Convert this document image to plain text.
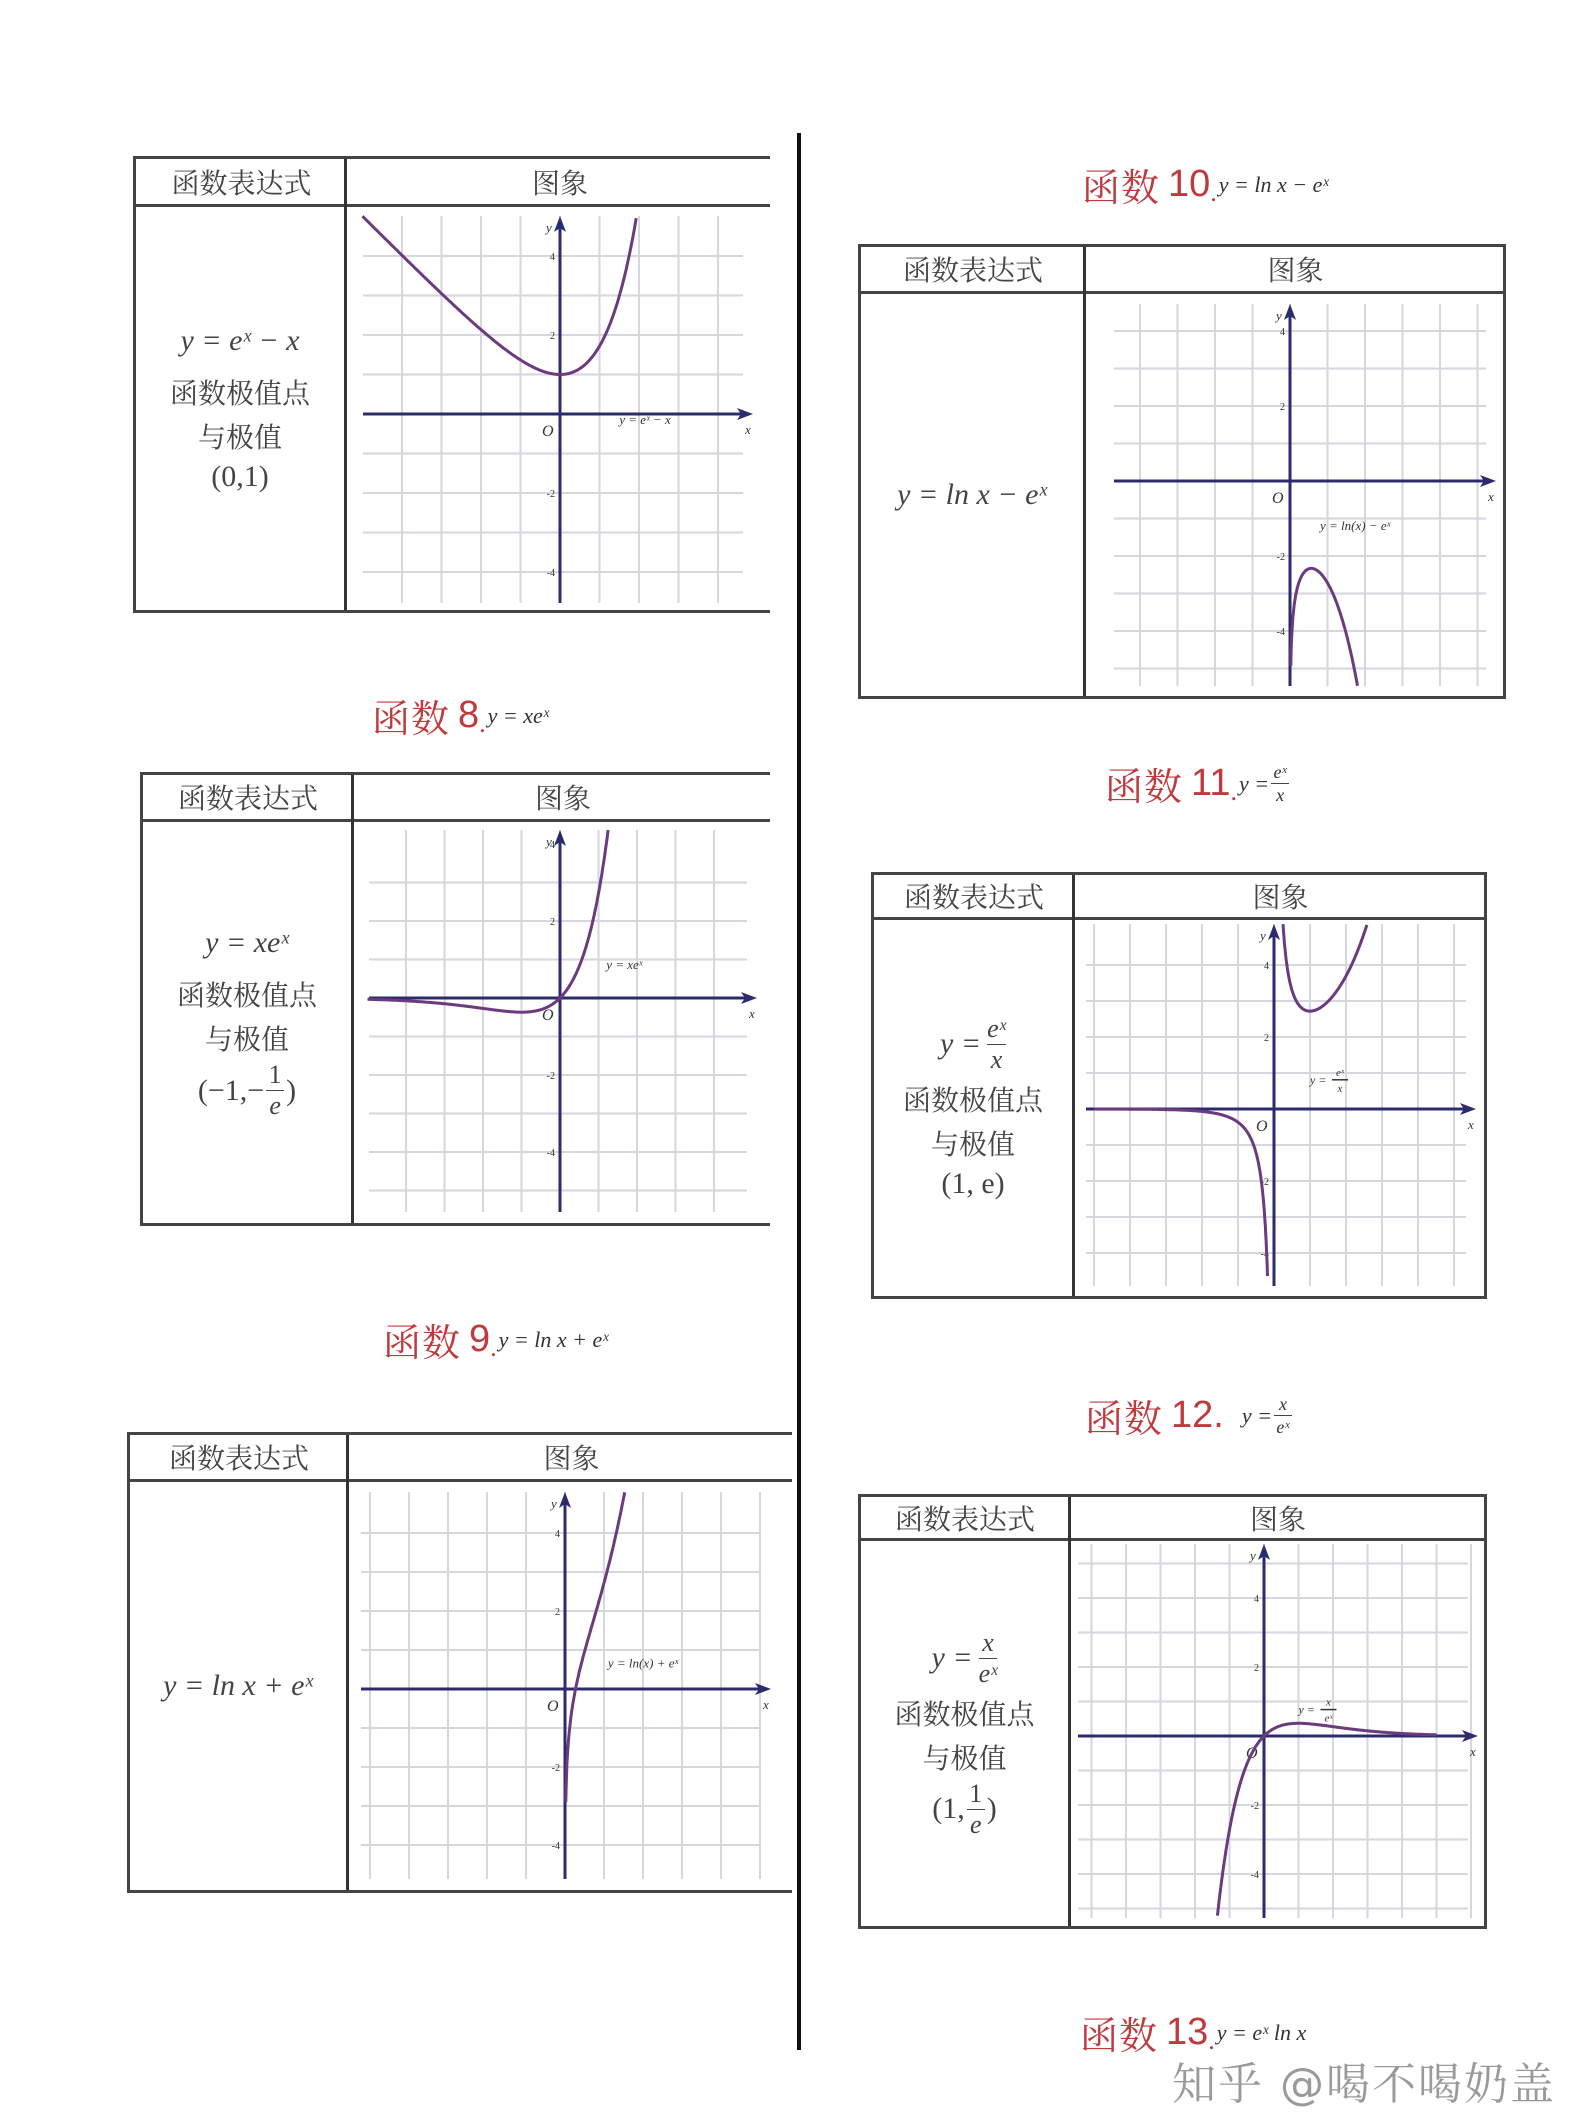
函数表达式	图象
y = eˣ − x
函数极值点
与极值
(0,1)
4
2
-2
-4
y
x
O
y = eˣ − x
函数 8 . y = xeˣ
函数表达式	图象
y = xeˣ
函数极值点
与极值
($-1,- \frac{1}{e}$ )
4
2
-2
-4
y
x
O
y = xeˣ
函数 9 . y = ln x + eˣ
函数表达式	图象
y = ln x + eˣ
4
2
-2
-4
y
x
O
y = ln(x) + eˣ
函数 10 . y = ln x − eˣ
函数表达式	图象
y = ln x − eˣ
4
2
-2
-4
y
x
O
y = ln(x) − eˣ
函数 11 . $y = \frac{\text{eˣ}}{x}$
函数表达式	图象
$y = \frac{\text{eˣ}}{x}$
函数极值点
与极值
(1, e)
4
2
-2
-4
y
x
O
y = eˣ
x
函数 12. $y = \frac{x}{\text{eˣ}}$
函数表达式	图象
$y = \frac{x}{\text{eˣ}}$
函数极值点
与极值
(1, $\frac{1}{e}$ )
4
2
-2
-4
y
x
O
y = x
eˣ
函数 13 . y = eˣ ln x
知乎 @喝不喝奶盖
